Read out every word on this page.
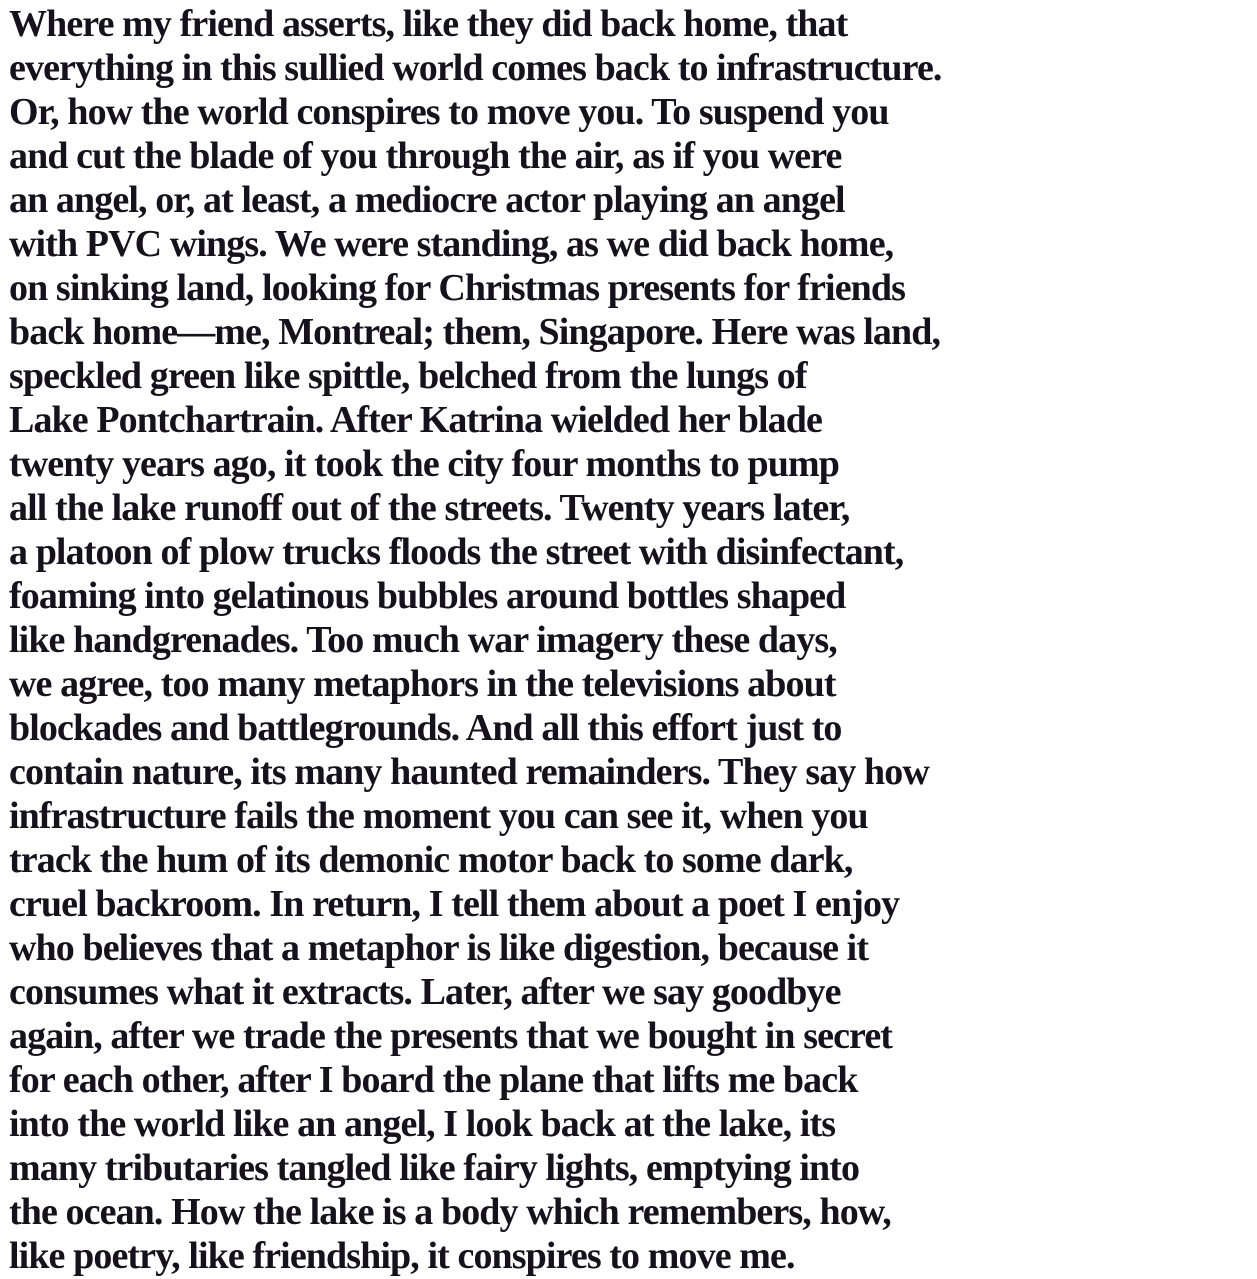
Where my friend asserts, like they did back home, that
everything in this sullied world comes back to infrastructure.
Or, how the world conspires to move you. To suspend you
and cut the blade of you through the air, as if you were
an angel, or, at least, a mediocre actor playing an angel
with PVC wings. We were standing, as we did back home,
on sinking land, looking for Christmas presents for friends
back home—me, Montreal; them, Singapore. Here was land,
speckled green like spittle, belched from the lungs of
Lake Pontchartrain. After Katrina wielded her blade
twenty years ago, it took the city four months to pump
all the lake runoff out of the streets. Twenty years later,
a platoon of plow trucks floods the street with disinfectant,
foaming into gelatinous bubbles around bottles shaped
like handgrenades. Too much war imagery these days,
we agree, too many metaphors in the televisions about
blockades and battlegrounds. And all this effort just to
contain nature, its many haunted remainders. They say how
infrastructure fails the moment you can see it, when you
track the hum of its demonic motor back to some dark,
cruel backroom. In return, I tell them about a poet I enjoy
who believes that a metaphor is like digestion, because it
consumes what it extracts. Later, after we say goodbye
again, after we trade the presents that we bought in secret
for each other, after I board the plane that lifts me back
into the world like an angel, I look back at the lake, its
many tributaries tangled like fairy lights, emptying into
the ocean. How the lake is a body which remembers, how,
like poetry, like friendship, it conspires to move me.
